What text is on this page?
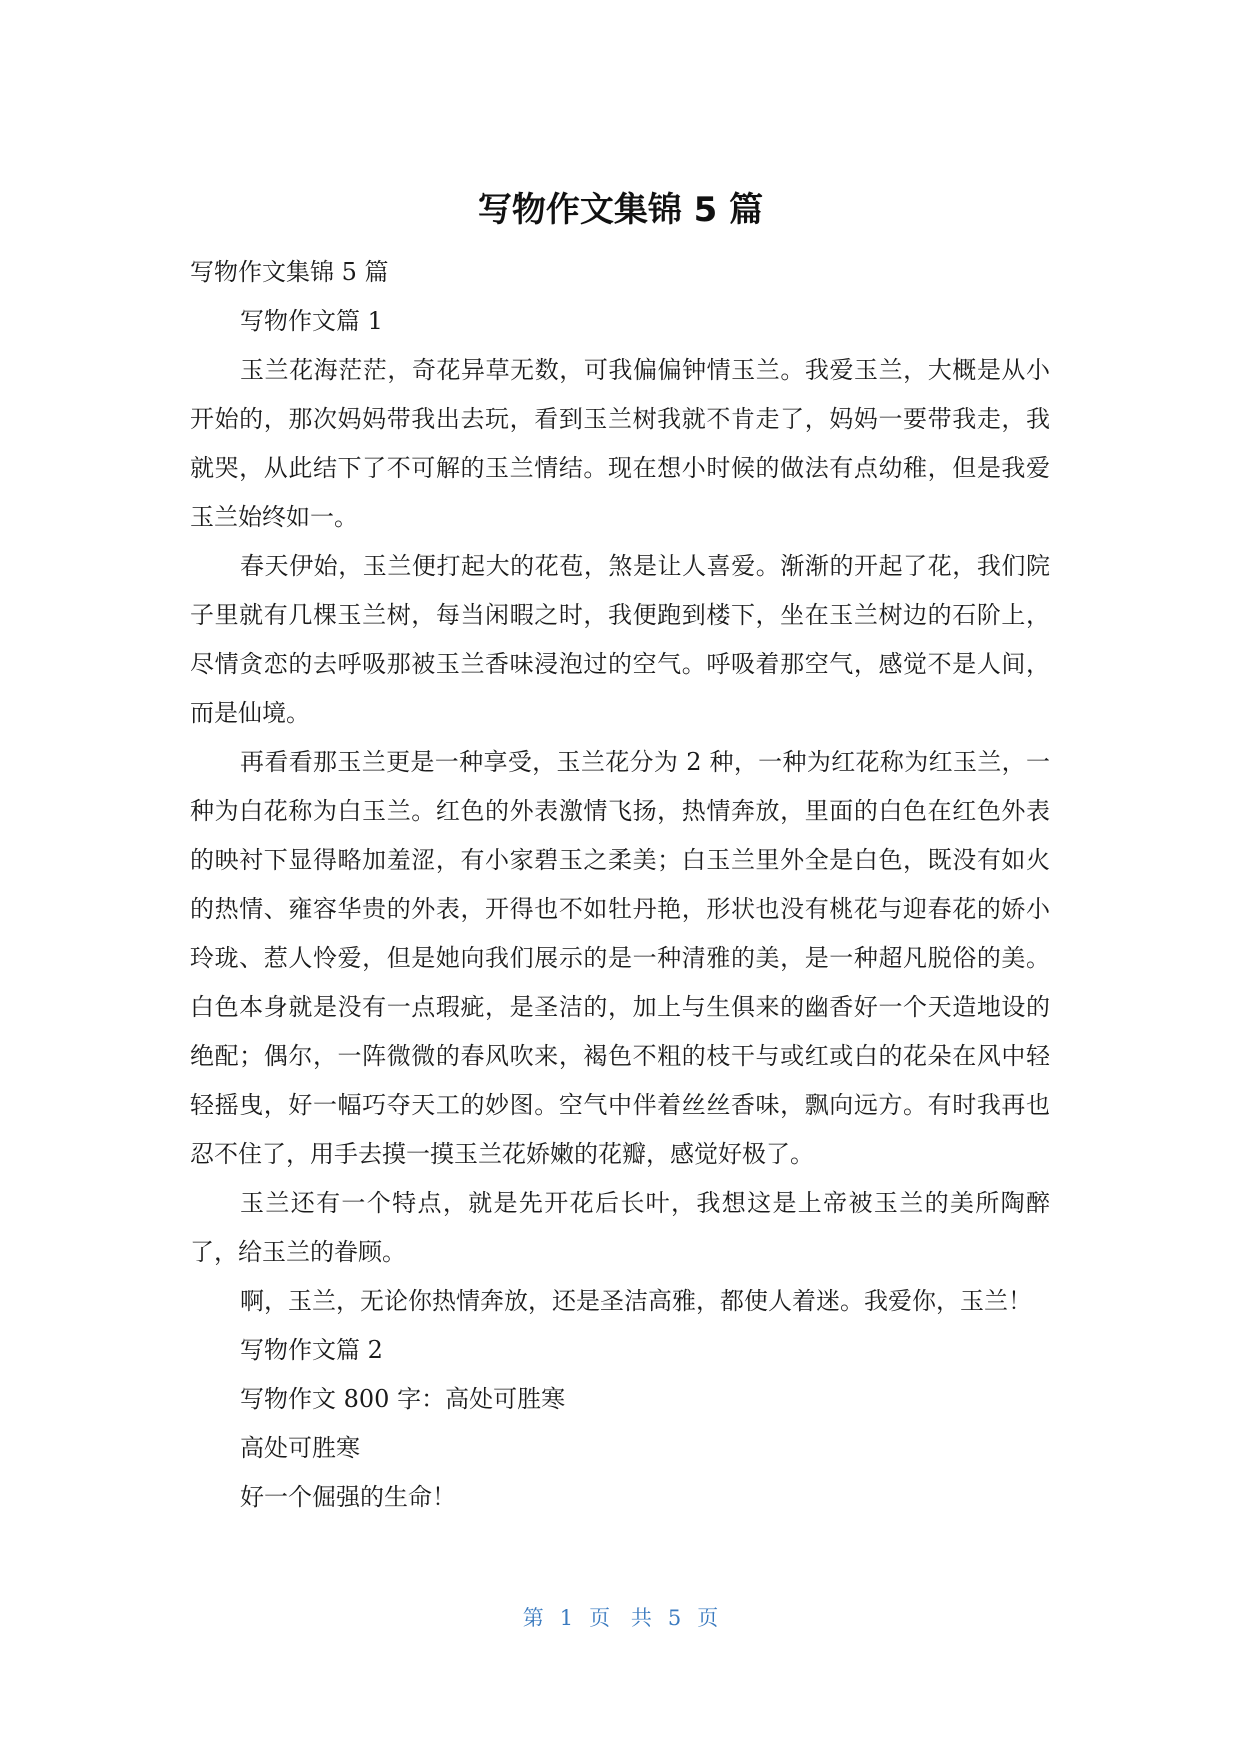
写物作文集锦 5 篇

写物作文集锦 5 篇

写物作文篇 1

玉兰花海茫茫，奇花异草无数，可我偏偏钟情玉兰。我爱玉兰，大概是从小开始的，那次妈妈带我出去玩，看到玉兰树我就不肯走了，妈妈一要带我走，我就哭，从此结下了不可解的玉兰情结。现在想小时候的做法有点幼稚，但是我爱玉兰始终如一。

春天伊始，玉兰便打起大的花苞，煞是让人喜爱。渐渐的开起了花，我们院子里就有几棵玉兰树，每当闲暇之时，我便跑到楼下，坐在玉兰树边的石阶上，尽情贪恋的去呼吸那被玉兰香味浸泡过的空气。呼吸着那空气，感觉不是人间，而是仙境。

再看看那玉兰更是一种享受，玉兰花分为 2 种，一种为红花称为红玉兰，一种为白花称为白玉兰。红色的外表激情飞扬，热情奔放，里面的白色在红色外表的映衬下显得略加羞涩，有小家碧玉之柔美；白玉兰里外全是白色，既没有如火的热情、雍容华贵的外表，开得也不如牡丹艳，形状也没有桃花与迎春花的娇小玲珑、惹人怜爱，但是她向我们展示的是一种清雅的美，是一种超凡脱俗的美。白色本身就是没有一点瑕疵，是圣洁的，加上与生俱来的幽香好一个天造地设的绝配；偶尔，一阵微微的春风吹来，褐色不粗的枝干与或红或白的花朵在风中轻轻摇曳，好一幅巧夺天工的妙图。空气中伴着丝丝香味，飘向远方。有时我再也忍不住了，用手去摸一摸玉兰花娇嫩的花瓣，感觉好极了。

玉兰还有一个特点，就是先开花后长叶，我想这是上帝被玉兰的美所陶醉了，给玉兰的眷顾。

啊，玉兰，无论你热情奔放，还是圣洁高雅，都使人着迷。我爱你，玉兰！

写物作文篇 2

写物作文 800 字：高处可胜寒

高处可胜寒

好一个倔强的生命！

第 1 页 共 5 页
